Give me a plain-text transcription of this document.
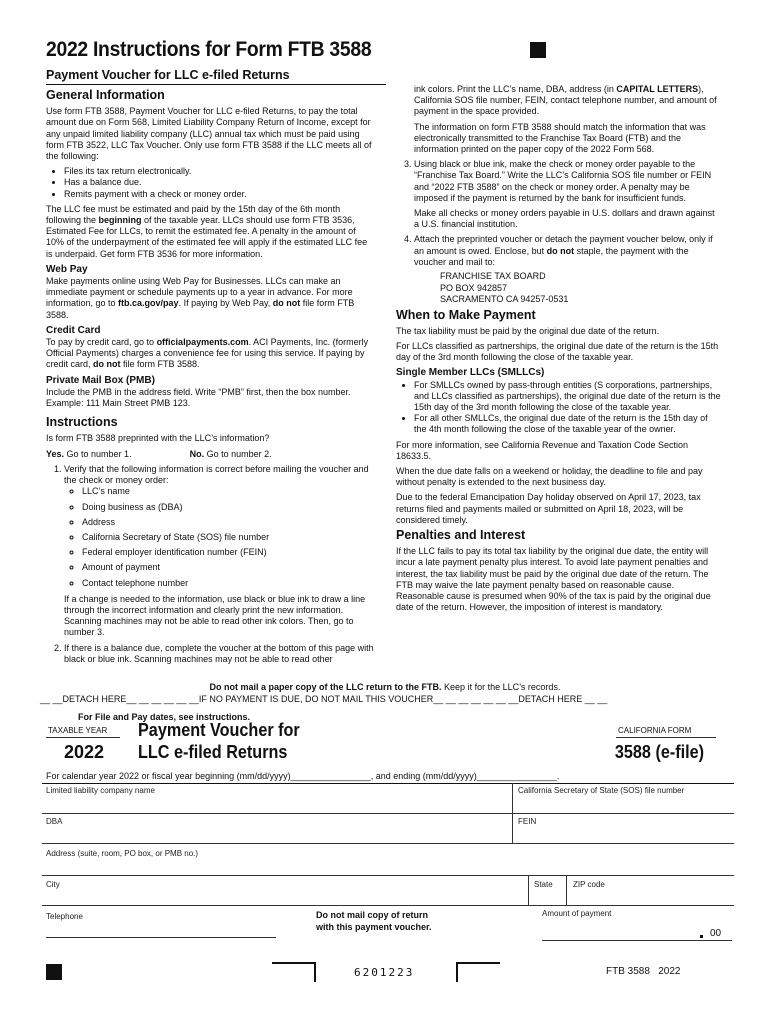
2022 Instructions for Form FTB 3588
Payment Voucher for LLC e-filed Returns
General Information

Use form FTB 3588, Payment Voucher for LLC e-filed Returns, to pay the total amount due on Form 568, Limited Liability Company Return of Income, except for any unpaid limited liability company (LLC) annual tax which must be paid using form FTB 3522, LLC Tax Voucher. Only use form FTB 3588 if the LLC meets all of the following:

• Files its tax return electronically.
• Has a balance due.
• Remits payment with a check or money order.

The LLC fee must be estimated and paid by the 15th day of the 6th month following the beginning of the taxable year. LLCs should use form FTB 3536, Estimated Fee for LLCs, to remit the estimated fee. A penalty in the amount of 10% of the underpayment of the estimated fee will apply if the estimated LLC fee is underpaid. Get form FTB 3536 for more information.

Web Pay

Make payments online using Web Pay for Businesses. LLCs can make an immediate payment or schedule payments up to a year in advance. For more information, go to ftb.ca.gov/pay. If paying by Web Pay, do not file form FTB 3588.

Credit Card

To pay by credit card, go to officialpayments.com. ACI Payments, Inc. (formerly Official Payments) charges a convenience fee for using this service. If paying by credit card, do not file form FTB 3588.

Private Mail Box (PMB)

Include the PMB in the address field. Write “PMB” first, then the box number. Example: 111 Main Street PMB 123.

Instructions

Is form FTB 3588 preprinted with the LLC’s information?

Yes. Go to number 1.	No. Go to number 2.

1. Verify that the following information is correct before mailing the voucher and the check or money order:
◦ LLC’s name
◦ Doing business as (DBA)
◦ Address
◦ California Secretary of State (SOS) file number
◦ Federal employer identification number (FEIN)
◦ Amount of payment
◦ Contact telephone number
If a change is needed to the information, use black or blue ink to draw a line through the incorrect information and clearly print the new information. Scanning machines may not be able to read other ink colors. Then, go to number 3.
2. If there is a balance due, complete the voucher at the bottom of this page with black or blue ink. Scanning machines may not be able to read other

ink colors. Print the LLC’s name, DBA, address (in CAPITAL LETTERS), California SOS file number, FEIN, contact telephone number, and amount of payment in the space provided.

The information on form FTB 3588 should match the information that was electronically transmitted to the Franchise Tax Board (FTB) and the information printed on the paper copy of the 2022 Form 568.

3. Using black or blue ink, make the check or money order payable to the “Franchise Tax Board.” Write the LLC’s California SOS file number or FEIN and “2022 FTB 3588” on the check or money order. A penalty may be imposed if the payment is returned by the bank for insufficient funds.
Make all checks or money orders payable in U.S. dollars and drawn against a U.S. financial institution.
4. Attach the preprinted voucher or detach the payment voucher below, only if an amount is owed. Enclose, but do not staple, the payment with the voucher and mail to:
FRANCHISE TAX BOARD
PO BOX 942857
SACRAMENTO CA 94257-0531
When to Make Payment

The tax liability must be paid by the original due date of the return.

For LLCs classified as partnerships, the original due date of the return is the 15th day of the 3rd month following the close of the taxable year.

Single Member LLCs (SMLLCs)
• For SMLLCs owned by pass-through entities (S corporations, partnerships, and LLCs classified as partnerships), the original due date of the return is the 15th day of the 3rd month following the close of the taxable year.
• For all other SMLLCs, the original due date of the return is the 15th day of the 4th month following the close of the taxable year of the owner.

For more information, see California Revenue and Taxation Code Section 18633.5.

When the due date falls on a weekend or holiday, the deadline to file and pay without penalty is extended to the next business day.

Due to the federal Emancipation Day holiday observed on April 17, 2023, tax returns filed and payments mailed or submitted on April 18, 2023, will be considered timely.

Penalties and Interest

If the LLC fails to pay its total tax liability by the original due date, the entity will incur a late payment penalty plus interest. To avoid late payment penalties and interest, the tax liability must be paid by the original due date of the return. The FTB may waive the late payment penalty based on reasonable cause. Reasonable cause is presumed when 90% of the tax is paid by the original due date of the return. However, the imposition of interest is mandatory.

Do not mail a paper copy of the LLC return to the FTB. Keep it for the LLC’s records.
__ __DETACH HERE__ __ __ __ __ __IF NO PAYMENT IS DUE, DO NOT MAIL THIS VOUCHER__ __ __ __ __ __ __DETACH HERE __ __
For File and Pay dates, see instructions.
TAXABLE YEAR
2022
Payment Voucher for
LLC e-filed Returns
CALIFORNIA FORM
3588 (e-file)
For calendar year 2022 or fiscal year beginning (mm/dd/yyyy)________________, and ending (mm/dd/yyyy)________________.
Limited liability company name	California Secretary of State (SOS) file number
DBA	FEIN
Address (suite, room, PO box, or PMB no.)
City	State	ZIP code
Telephone	Do not mail copy of return
with this payment voucher.
Amount of payment
00
6201223	FTB 3588   2022
